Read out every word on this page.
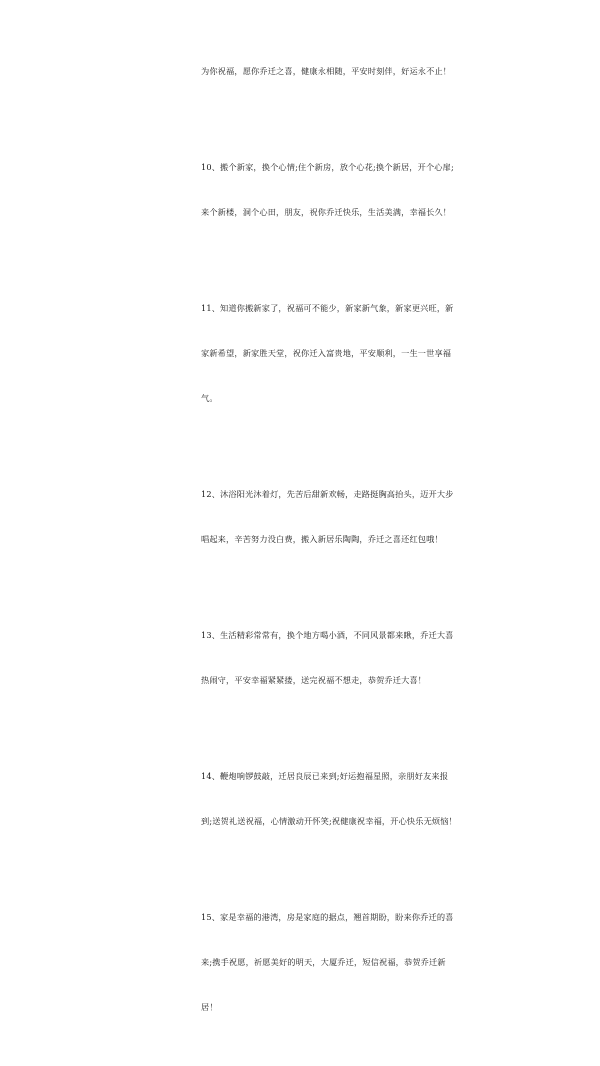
为你祝福，愿你乔迁之喜，健康永相随，平安时刻伴，好运永不止！

10、搬个新家，换个心情;住个新房，放个心花;换个新居，开个心扉;

来个新楼，洞个心田，朋友，祝你乔迁快乐，生活美满，幸福长久！

11、知道你搬新家了，祝福可不能少，新家新气象，新家更兴旺，新

家新希望，新家胜天堂，祝你迁入富贵地，平安顺利，一生一世享福

气。

12、沐浴阳光沐着灯，先苦后甜新欢畅，走路挺胸高抬头，迈开大步

唱起来，辛苦努力没白费，搬入新居乐陶陶，乔迁之喜还红包哦！

13、生活精彩常常有，换个地方喝小酒，不同风景都来瞅，乔迁大喜

热闹守，平安幸福紧紧搂，送完祝福不想走，恭贺乔迁大喜！

14、鞭炮响锣鼓敲，迁居良辰已来到;好运抱福星照，亲朋好友来报

到;送贺礼送祝福，心情激动开怀笑;祝健康祝幸福，开心快乐无烦恼！

15、家是幸福的港湾，房是家庭的据点，翘首期盼，盼来你乔迁的喜

来;携手祝愿，祈愿美好的明天，大厦乔迁，短信祝福，恭贺乔迁新

居！
